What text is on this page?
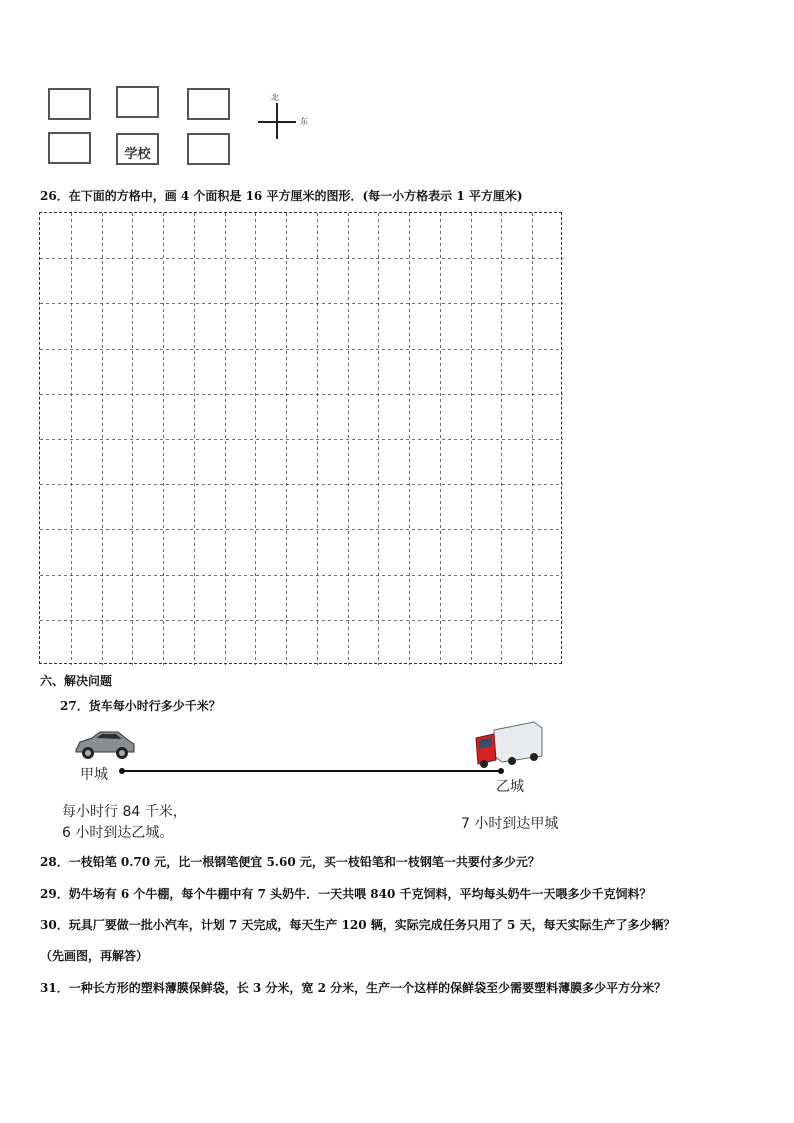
学校
北
东
26．在下面的方格中，画 4 个面积是 16 平方厘米的图形．(每一小方格表示 1 平方厘米)
六、解决问题
27．货车每小时行多少千米？
甲城
乙城
每小时行 84 千米，
6 小时到达乙城。
7 小时到达甲城
28．一枝铅笔 0.70 元，比一根钢笔便宜 5.60 元，买一枝铅笔和一枝钢笔一共要付多少元？
29．奶牛场有 6 个牛棚，每个牛棚中有 7 头奶牛．一天共喂 840 千克饲料，平均每头奶牛一天喂多少千克饲料？
30．玩具厂要做一批小汽车，计划 7 天完成，每天生产 120 辆，实际完成任务只用了 5 天，每天实际生产了多少辆？
（先画图，再解答）
31．一种长方形的塑料薄膜保鲜袋，长 3 分米，宽 2 分米，生产一个这样的保鲜袋至少需要塑料薄膜多少平方分米？
